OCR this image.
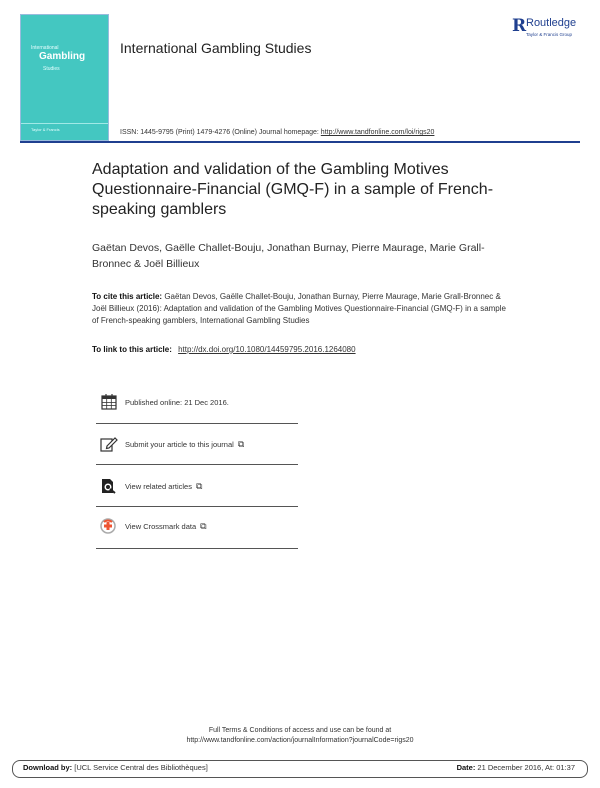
International
Gambling
Studies
Taylor & Francis
International Gambling Studies
R Routledge
Taylor & Francis Group
ISSN: 1445-9795 (Print) 1479-4276 (Online) Journal homepage: http://www.tandfonline.com/loi/rigs20
Adaptation and validation of the Gambling Motives Questionnaire-Financial (GMQ-F) in a sample of French-speaking gamblers
Gaëtan Devos, Gaëlle Challet-Bouju, Jonathan Burnay, Pierre Maurage, Marie Grall-Bronnec & Joël Billieux
To cite this article: Gaëtan Devos, Gaëlle Challet-Bouju, Jonathan Burnay, Pierre Maurage, Marie Grall-Bronnec & Joël Billieux (2016): Adaptation and validation of the Gambling Motives Questionnaire-Financial (GMQ-F) in a sample of French-speaking gamblers, International Gambling Studies
To link to this article: http://dx.doi.org/10.1080/14459795.2016.1264080
Published online: 21 Dec 2016.
Submit your article to this journal ⧉
View related articles ⧉
View Crossmark data ⧉
Full Terms & Conditions of access and use can be found at
http://www.tandfonline.com/action/journalInformation?journalCode=rigs20
Download by: [UCL Service Central des Bibliothèques]	Date: 21 December 2016, At: 01:37
